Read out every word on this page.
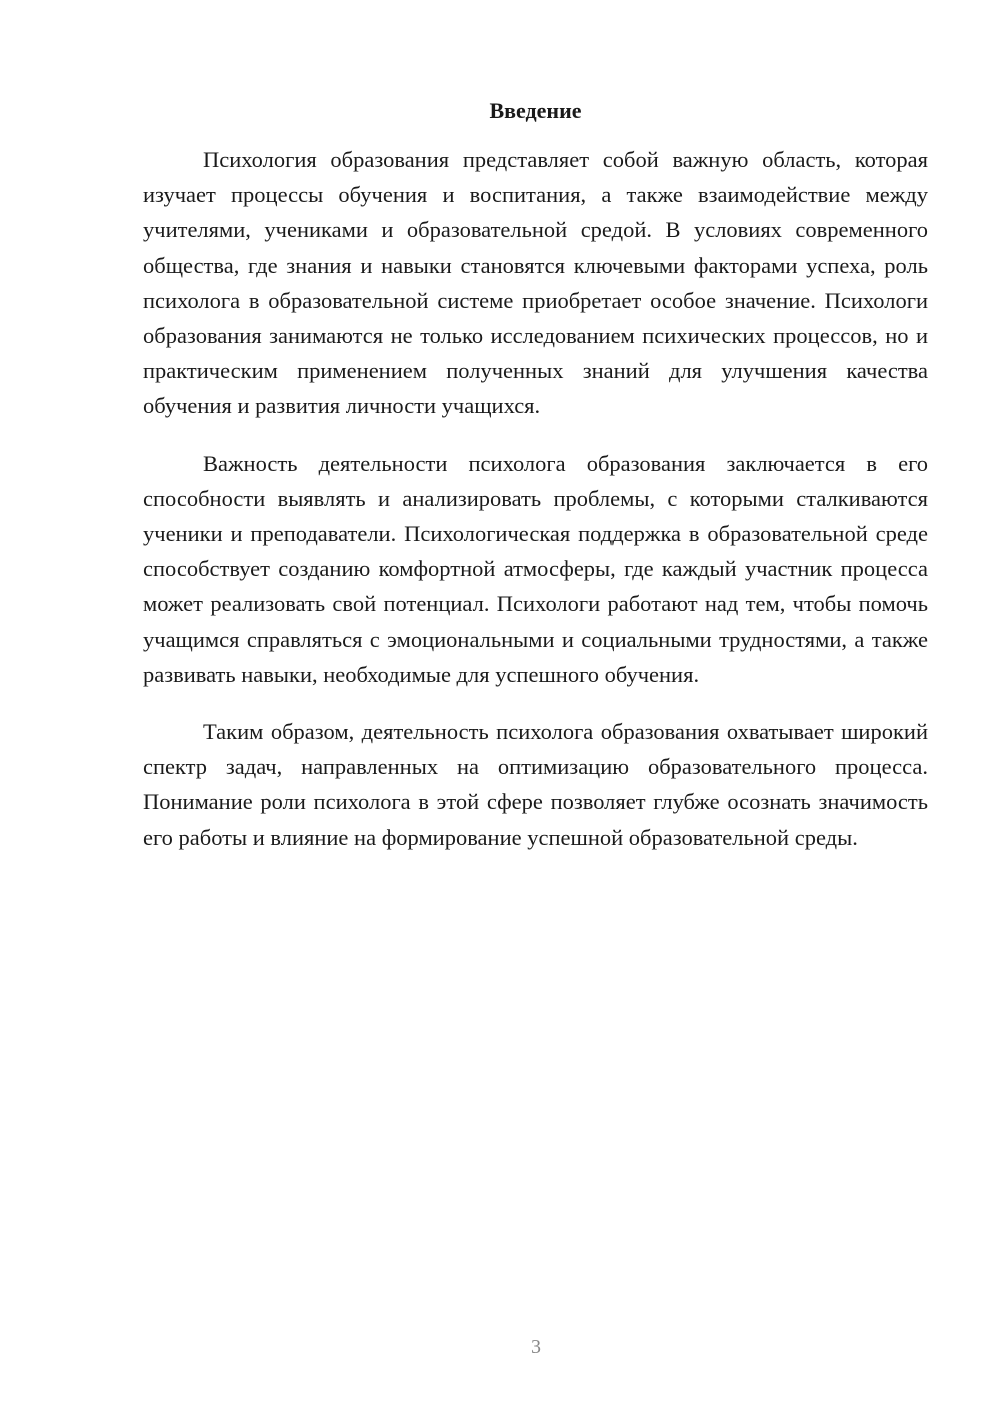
Введение

Психология образования представляет собой важную область, которая изучает процессы обучения и воспитания, а также взаимодействие между учителями, учениками и образовательной средой. В условиях современного общества, где знания и навыки становятся ключевыми факторами успеха, роль психолога в образовательной системе приобретает особое значение. Психологи образования занимаются не только исследованием психических процессов, но и практическим применением полученных знаний для улучшения качества обучения и развития личности учащихся.

Важность деятельности психолога образования заключается в его способности выявлять и анализировать проблемы, с которыми сталкиваются ученики и преподаватели. Психологическая поддержка в образовательной среде способствует созданию комфортной атмосферы, где каждый участник процесса может реализовать свой потенциал. Психологи работают над тем, чтобы помочь учащимся справляться с эмоциональными и социальными трудностями, а также развивать навыки, необходимые для успешного обучения.

Таким образом, деятельность психолога образования охватывает широкий спектр задач, направленных на оптимизацию образовательного процесса. Понимание роли психолога в этой сфере позволяет глубже осознать значимость его работы и влияние на формирование успешной образовательной среды.

3
